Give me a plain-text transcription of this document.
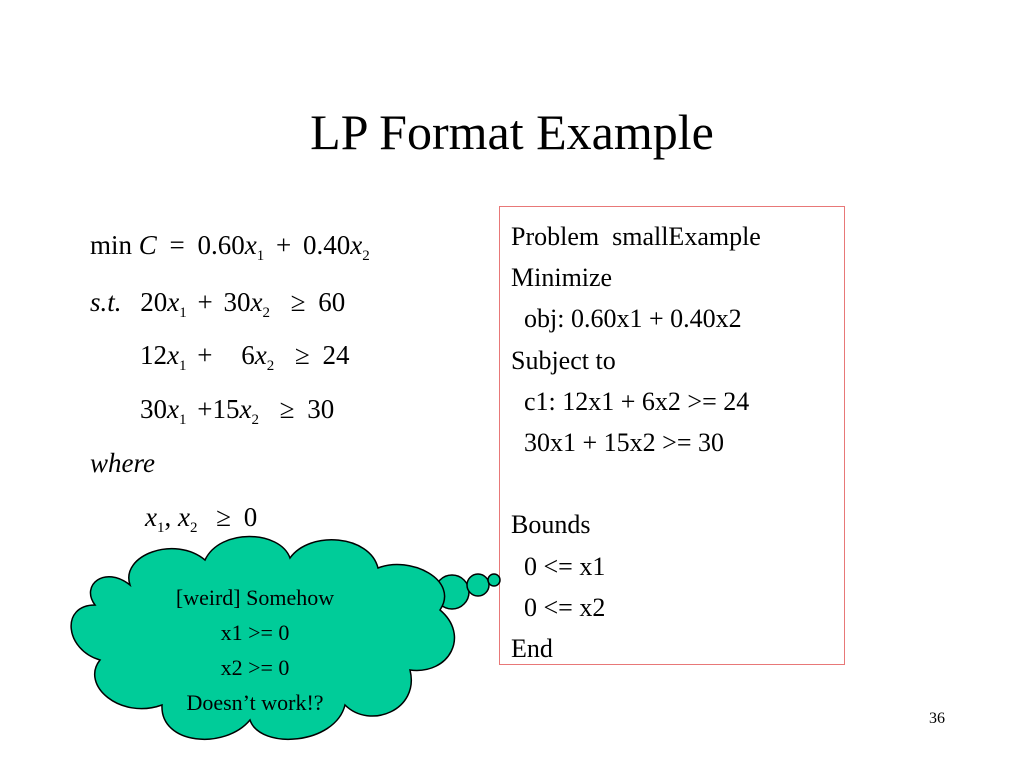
LP Format Example
$\min C = 0.60x_1 + 0.40x_2$
s.t. $20x_1 + 30x_2 \ge 60$
$12x_1 + 6x_2 \ge 24$
$30x_1 +15x_2 \ge 30$
where
$x_1$, $x_2 \ge 0$
Problem  smallExample
Minimize
obj: 0.60x1 + 0.40x2
Subject to
c1: 12x1 + 6x2 >= 24
30x1 + 15x2 >= 30
Bounds
0 <= x1
0 <= x2
End
[weird] Somehow
x1 >= 0
x2 >= 0
Doesn’t work!?
36
